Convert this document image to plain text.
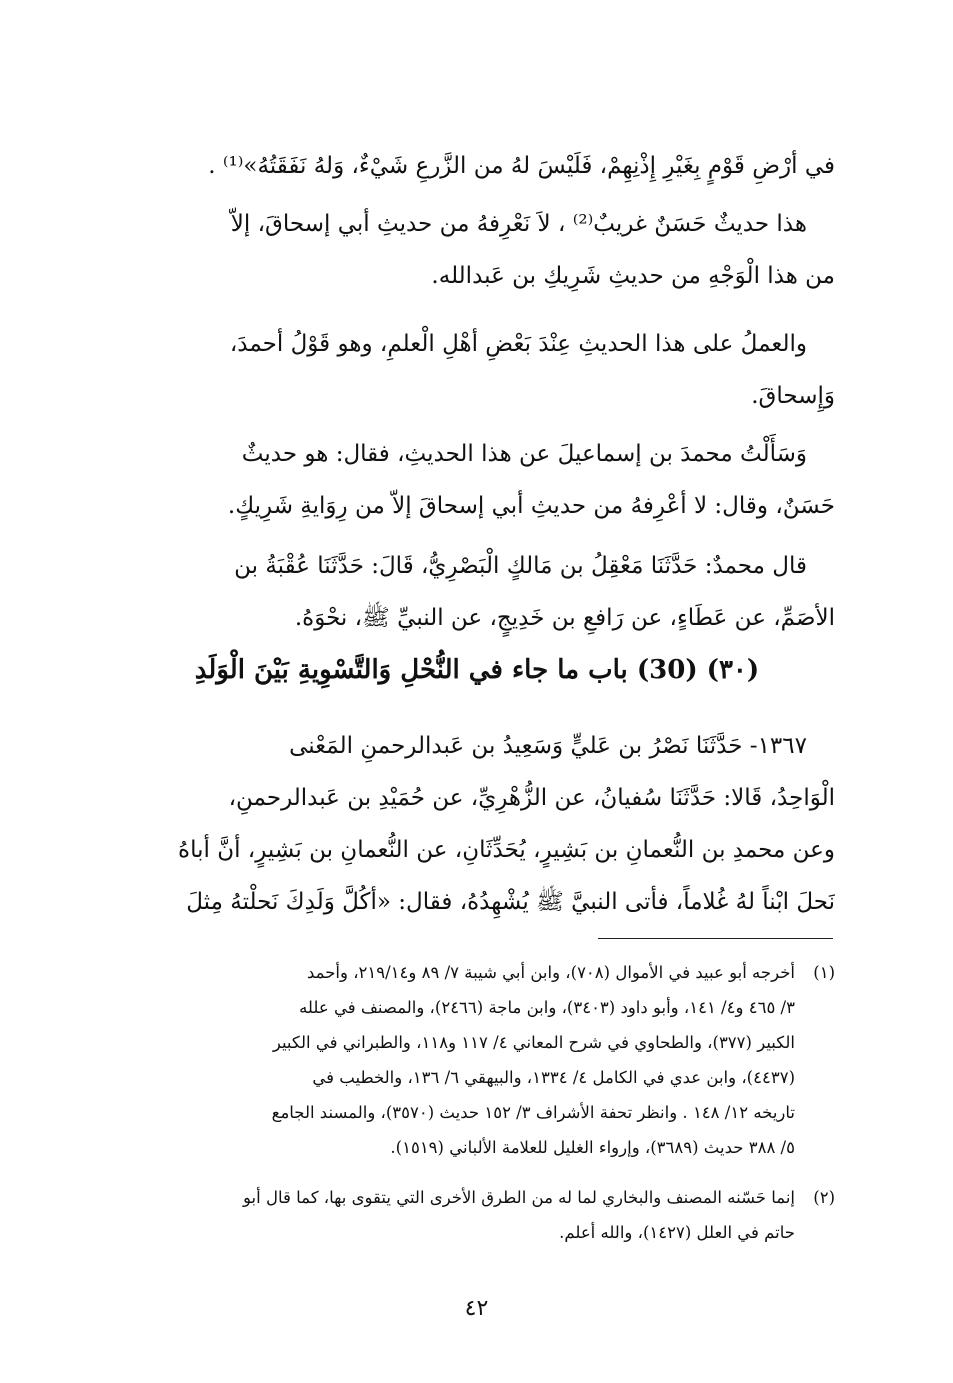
في أرْضِ قَوْمٍ بِغَيْرِ إِذْنِهِمْ، فَلَيْسَ لهُ من الزَّرعِ شَيْءٌ، وَلهُ نَفَقَتُهُ»⁽¹⁾ .
هذا حديثٌ حَسَنٌ غريبٌ⁽²⁾ ، لاَ نَعْرِفهُ من حديثِ أبي إسحاقَ، إلاّ
من هذا الْوَجْهِ من حديثِ شَرِيكِ بن عَبدالله.
والعملُ على هذا الحديثِ عِنْدَ بَعْضِ أهْلِ الْعلمِ، وهو قَوْلُ أحمدَ،
وَإِسحاقَ.
وَسَأَلْتُ محمدَ بن إسماعيلَ عن هذا الحديثِ، فقال: هو حديثٌ
حَسَنٌ، وقال: لا أعْرِفهُ من حديثِ أبي إسحاقَ إلاّ من رِوَايةِ شَرِيكٍ.
قال محمدٌ: حَدَّثَنَا مَعْقِلُ بن مَالكٍ الْبَصْرِيُّ، قَالَ: حَدَّثَنَا عُقْبَةُ بن
الأصَمِّ، عن عَطَاءٍ، عن رَافعِ بن خَدِيجٍ، عن النبيِّ ﷺ، نحْوَهُ.
(٣٠) (30) باب ما جاء في النُّحْلِ وَالتَّسْوِيةِ بَيْنَ الْوَلَدِ
١٣٦٧- حَدَّثَنَا نَصْرُ بن عَليٍّ وَسَعِيدُ بن عَبدالرحمنِ المَعْنى
الْوَاحِدُ، قَالا: حَدَّثَنَا سُفيانُ، عن الزُّهْرِيِّ، عن حُمَيْدِ بن عَبدالرحمنِ،
وعن محمدِ بن النُّعمانِ بن بَشِيرٍ، يُحَدِّثَانِ، عن النُّعمانِ بن بَشِيرٍ، أنَّ أباهُ
نَحلَ ابْناً لهُ غُلاماً، فأتى النبيَّ ﷺ يُشْهِدُهُ، فقال: «أكُلَّ وَلَدِكَ نَحلْتهُ مِثلَ
(١)
أخرجه أبو عبيد في الأموال (٧٠٨)، وابن أبي شيبة ٧/ ٨٩ و٢١٩/١٤، وأحمد
٣/ ٤٦٥ و٤/ ١٤١، وأبو داود (٣٤٠٣)، وابن ماجة (٢٤٦٦)، والمصنف في علله
الكبير (٣٧٧)، والطحاوي في شرح المعاني ٤/ ١١٧ و١١٨، والطبراني في الكبير
(٤٤٣٧)، وابن عدي في الكامل ٤/ ١٣٣٤، والبيهقي ٦/ ١٣٦، والخطيب في
تاريخه ١٢/ ١٤٨ . وانظر تحفة الأشراف ٣/ ١٥٢ حديث (٣٥٧٠)، والمسند الجامع
٥/ ٣٨٨ حديث (٣٦٨٩)، وإرواء الغليل للعلامة الألباني (١٥١٩).
(٢)
إنما حَسّنه المصنف والبخاري لما له من الطرق الأخرى التي يتقوى بها، كما قال أبو
حاتم في العلل (١٤٢٧)، والله أعلم.
٤٢
